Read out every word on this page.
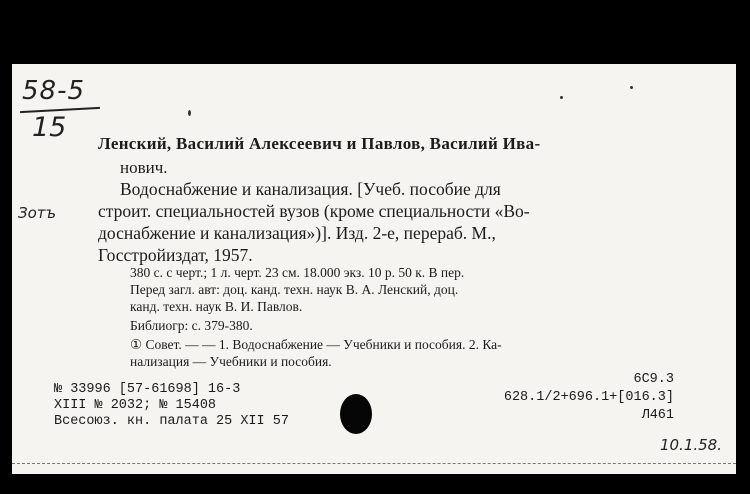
58-5
15
Зотъ
Ленский, Василий Алексеевич и Павлов, Василий Ива-
нович.
Водоснабжение и канализация. [Учеб. пособие для
строит. специальностей вузов (кроме специальности «Во-
доснабжение и канализация»)]. Изд. 2-е, перераб. М.,
Госстройиздат, 1957.
380 с. с черт.; 1 л. черт. 23 см. 18.000 экз. 10 р. 50 к. В пер.
Перед загл. авт: доц. канд. техн. наук В. А. Ленский, доц.
канд. техн. наук В. И. Павлов.
Библиогр: с. 379-380.
① Совет. — — 1. Водоснабжение — Учебники и пособия. 2. Ка-
нализация — Учебники и пособия.
№ 33996 [57-61698] 16-3
XIII № 2032; № 15408
Всесоюз. кн. палата 25 XII 57
6С9.3
628.1/2+696.1+[016.3]
Л461
10.1.58.
